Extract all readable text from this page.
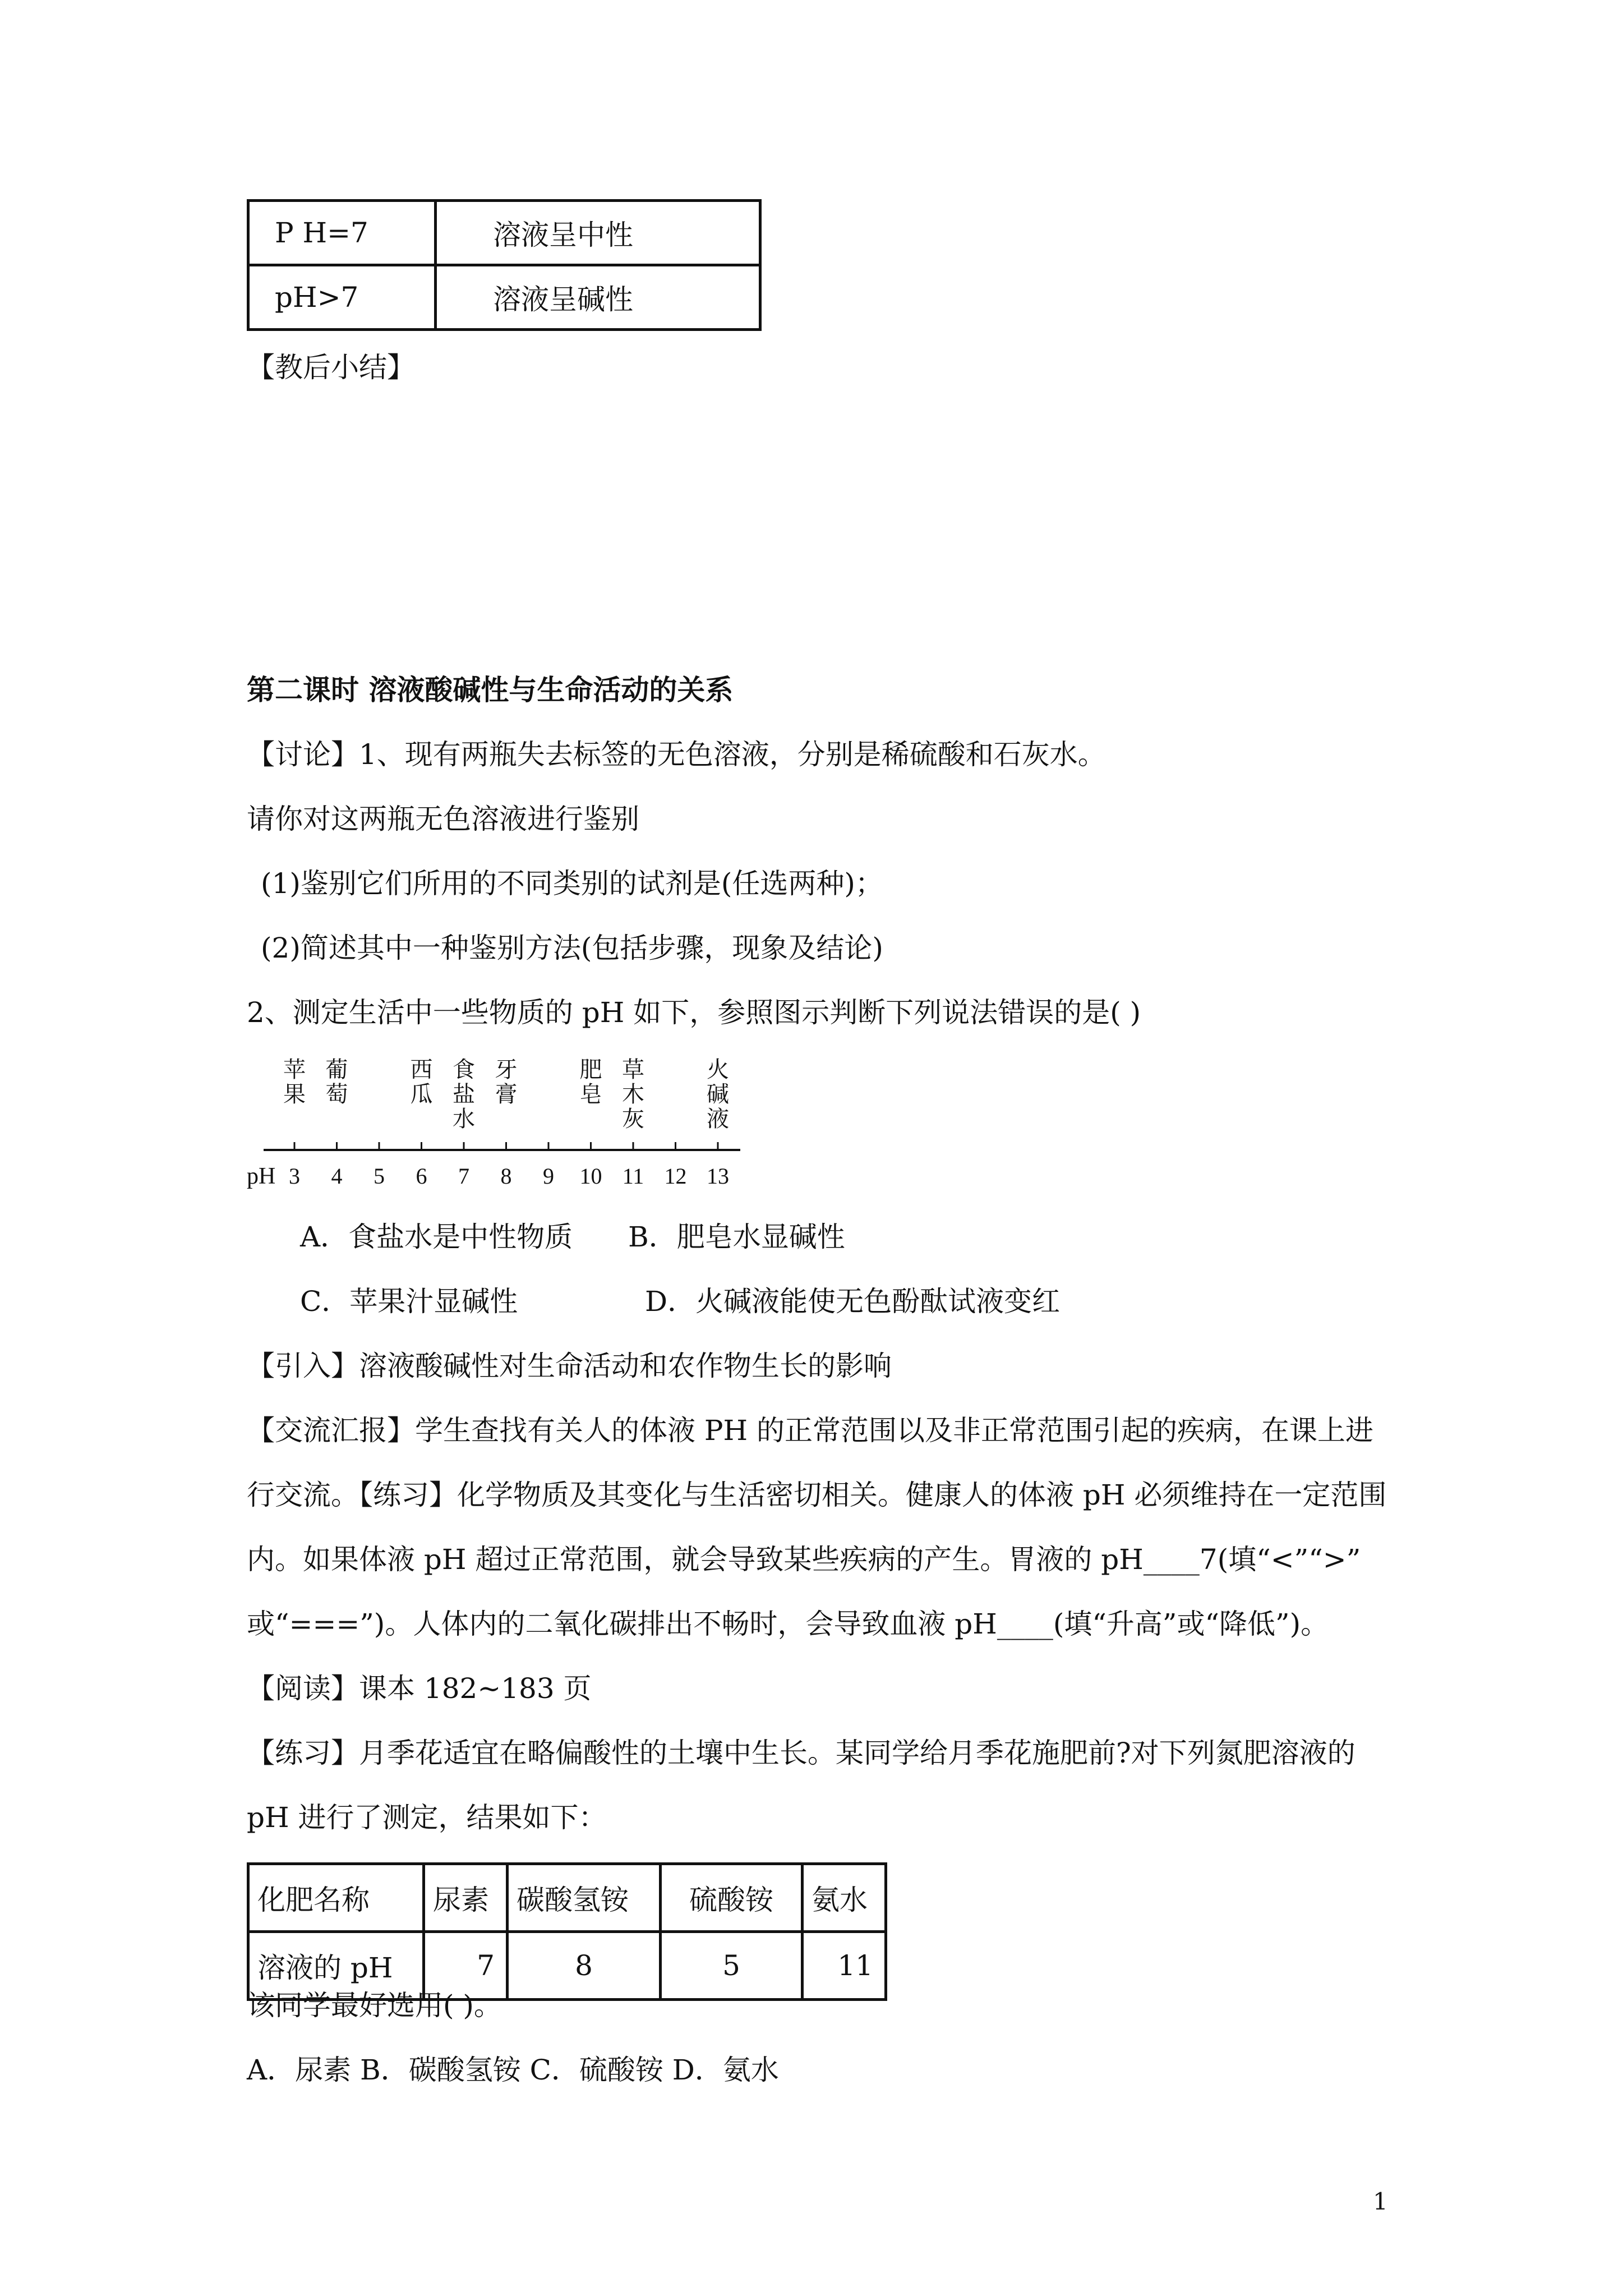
P H=7	溶液呈中性
pH>7	溶液呈碱性
【教后小结】
第二课时 溶液酸碱性与生命活动的关系
【讨论】1、现有两瓶失去标签的无色溶液，分别是稀硫酸和石灰水。
请你对这两瓶无色溶液进行鉴别
(1)鉴别它们所用的不同类别的试剂是(任选两种)；
(2)简述其中一种鉴别方法(包括步骤，现象及结论)
2、测定生活中一些物质的 pH 如下，参照图示判断下列说法错误的是( )
苹果
葡萄
西瓜
食盐水
牙膏
肥皂
草木灰
火碱液
3 4 5 6 7 8 9 10 11 12 13
pH
A．食盐水是中性物质 B．肥皂水显碱性
C．苹果汁显碱性	D．火碱液能使无色酚酞试液变红
【引入】溶液酸碱性对生命活动和农作物生长的影响
【交流汇报】学生查找有关人的体液 PH 的正常范围以及非正常范围引起的疾病，在课上进
行交流。【练习】化学物质及其变化与生活密切相关。健康人的体液 pH 必须维持在一定范围
内。如果体液 pH 超过正常范围，就会导致某些疾病的产生。胃液的 pH____7(填“<”“>”
或“===”)。人体内的二氧化碳排出不畅时，会导致血液 pH____(填“升高”或“降低”)。
【阅读】课本 182~183 页
【练习】月季花适宜在略偏酸性的土壤中生长。某同学给月季花施肥前?对下列氮肥溶液的
pH 进行了测定，结果如下：
化肥名称	尿素	碳酸氢铵	硫酸铵	氨水
溶液的 pH	7	8	5	11
该同学最好选用( )。
A．尿素 B．碳酸氢铵 C．硫酸铵 D．氨水
1
